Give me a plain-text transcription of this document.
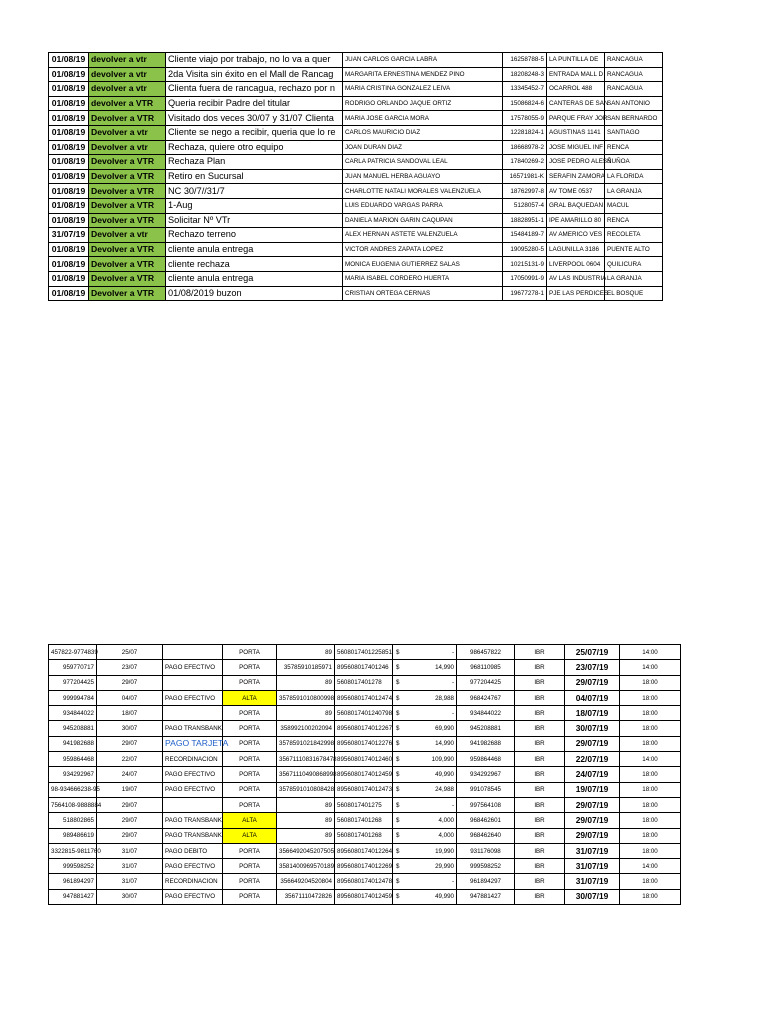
01/08/19	devolver a vtr	Cliente viajo por trabajo, no lo va a quer	JUAN CARLOS GARCIA LABRA	16258788-5	LA PUNTILLA DE	RANCAGUA
01/08/19	devolver a vtr	2da Visita sin éxito en el Mall de Rancag	MARGARITA ERNESTINA MENDEZ PINO	18208248-3	ENTRADA MALL D	RANCAGUA
01/08/19	devolver a vtr	Clienta fuera de rancagua, rechazo por n	MARIA CRISTINA GONZALEZ LEIVA	13345452-7	OCARROL 488	RANCAGUA
01/08/19	devolver a VTR	Queria recibir Padre del titular	RODRIGO ORLANDO JAQUE ORTIZ	15086824-6	CANTERAS DE SAN	SAN ANTONIO
01/08/19	Devolver a VTR	Visitado dos veces 30/07 y 31/07 Clienta	MARIA JOSE GARCIA MORA	17578055-9	PARQUE FRAY JOR	SAN BERNARDO
01/08/19	Devolver a vtr	Cliente se nego a recibir, queria que lo re	CARLOS MAURICIO DIAZ	12281824-1	AGUSTINAS 1141	SANTIAGO
01/08/19	Devolver a vtr	Rechaza, quiere otro equipo	JOAN DURAN DIAZ	18668978-2	JOSE MIGUEL INF	RENCA
01/08/19	Devolver a VTR	Rechaza Plan	CARLA PATRICIA SANDOVAL LEAL	17840269-2	JOSE PEDRO ALESS	ÑUÑOA
01/08/19	Devolver a VTR	Retiro en Sucursal	JUAN MANUEL HERBA AGUAYO	16571981-K	SERAFIN ZAMORA	LA FLORIDA
01/08/19	Devolver a VTR	NC 30/7//31/7	CHARLOTTE NATALI MORALES VALENZUELA	18762997-8	AV TOME 0537	LA GRANJA
01/08/19	Devolver a VTR	1-Aug	LUIS EDUARDO VARGAS PARRA	5128057-4	GRAL BAQUEDAN	MACUL
01/08/19	Devolver a VTR	Solicitar Nº VTr	DANIELA MARION GARIN CAQUPAN	18828951-1	IPE AMARILLO 80	RENCA
31/07/19	Devolver a vtr	Rechazo terreno	ALEX HERNAN ASTETE VALENZUELA	15484189-7	AV AMERICO VES	RECOLETA
01/08/19	Devolver a VTR	cliente anula entrega	VICTOR ANDRES ZAPATA LOPEZ	19095280-5	LAGUNILLA 3186	PUENTE ALTO
01/08/19	Devolver a VTR	cliente rechaza	MONICA EUGENIA GUTIERREZ SALAS	10215131-9	LIVERPOOL 0604	QUILICURA
01/08/19	Devolver a VTR	cliente anula entrega	MARIA ISABEL CORDERO HUERTA	17050991-9	AV LAS INDUSTRIA	LA GRANJA
01/08/19	Devolver a VTR	01/08/2019 buzon	CRISTIAN ORTEGA CERNAS	19677278-1	PJE LAS PERDICES	EL BOSQUE
457822-9774839	25/07		PORTA	89	5608017401225851	$ -	986457822	IBR	25/07/19	14:00
959770717	23/07	PAGO EFECTIVO	PORTA	35785910185971	895608017401246	$ 14,990	968110985	IBR	23/07/19	14:00
977204425	29/07		PORTA	89	5608017401278	$ -	977204425	IBR	29/07/19	18:00
999994784	04/07	PAGO EFECTIVO	ALTA	3578591010800998	8956080174012474	$ 28,988	968424767	IBR	04/07/19	18:00
934844022	18/07		PORTA	89	5608017401240798	$ -	934844022	IBR	18/07/19	18:00
945208881	30/07	PAGO TRANSBANK	PORTA	358992100202094	8956080174012267	$ 69,990	945208881	IBR	30/07/19	18:00
941982688	29/07	PAGO TARJETA	PORTA	3578591021842998	8956080174012276	$ 14,990	941982688	IBR	29/07/19	18:00
959864468	22/07	RECORDINACION	PORTA	35671110831678478	8956080174012460	$ 109,990	959864468	IBR	22/07/19	14:00
934292967	24/07	PAGO EFECTIVO	PORTA	35671110490868998	8956080174012459	$ 49,990	934292967	IBR	24/07/19	18:00
98-934666238-95	19/07	PAGO EFECTIVO	PORTA	3578591010808428	8956080174012473	$ 24,988	991078545	IBR	19/07/19	18:00
7564108-9888884	29/07		PORTA	89	5608017401275	$ -	997564108	IBR	29/07/19	18:00
518802865	29/07	PAGO TRANSBANK	ALTA	89	5608017401268	$ 4,000	968462601	IBR	29/07/19	18:00
989486619	29/07	PAGO TRANSBANK	ALTA	89	5608017401268	$ 4,000	968462640	IBR	29/07/19	18:00
3322815-9811760	31/07	PAGO DEBITO	PORTA	3566492045207505	8956080174012264	$ 19,990	931176098	IBR	31/07/19	18:00
999598252	31/07	PAGO EFECTIVO	PORTA	3581400969570189	8956080174012269	$ 29,990	999598252	IBR	31/07/19	14:00
961894297	31/07	RECORDINACION	PORTA	356649204520804	8956080174012478	$ -	961894297	IBR	31/07/19	18:00
947881427	30/07	PAGO EFECTIVO	PORTA	35671110472826	8956080174012459	$ 49,990	947881427	IBR	30/07/19	18:00
